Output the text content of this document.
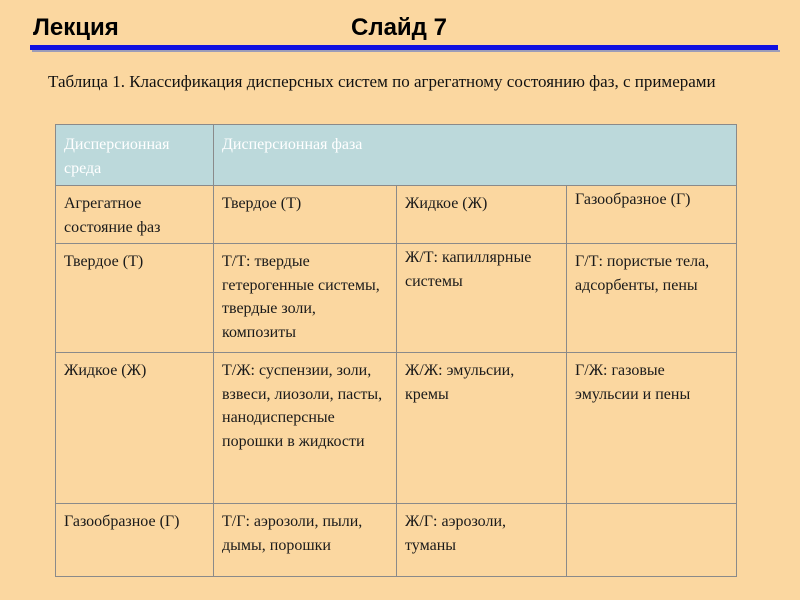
Лекция	Слайд 7
Таблица 1. Классификация дисперсных систем по агрегатному состоянию фаз, с примерами
Дисперсионная среда	Дисперсионная фаза		
Агрегатное состояние фаз	Твердое (Т)	Жидкое (Ж)	Газообразное (Г)
Твердое (Т)	Т/Т: твердые гетерогенные системы, твердые золи, композиты	Ж/Т: капиллярные системы	Г/Т: пористые тела, адсорбенты, пены
Жидкое (Ж)	Т/Ж: суспензии, золи, взвеси, лиозоли, пасты, нанодисперсные порошки в жидкости	Ж/Ж: эмульсии, кремы	Г/Ж: газовые эмульсии и пены
Газообразное (Г)	Т/Г: аэрозоли, пыли, дымы, порошки	Ж/Г: аэрозоли, туманы	
